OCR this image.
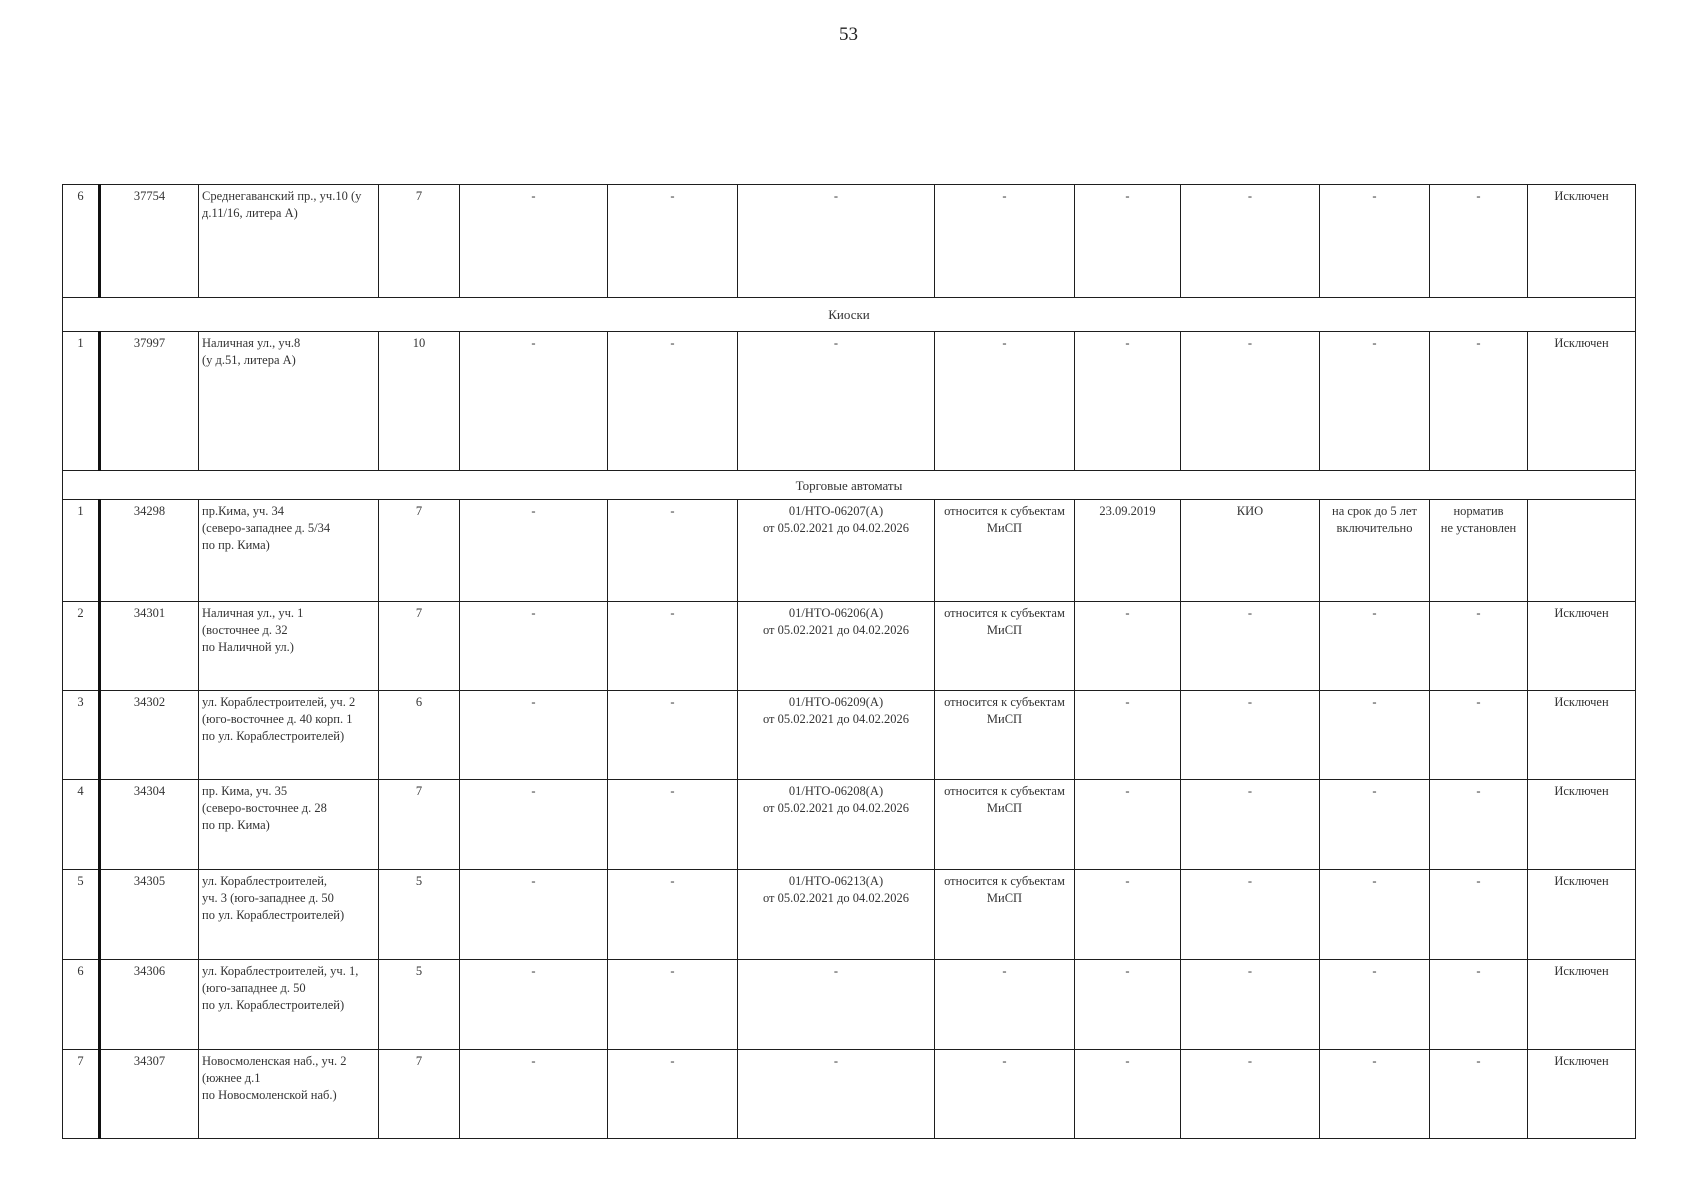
53
6	37754	Среднегаванский пр., уч.10 (у д.11/16, литера А)	7	-	-	-	-	-	-	-	-	Исключен
Киоски												
1	37997	Наличная ул., уч.8
(у д.51, литера А)	10	-	-	-	-	-	-	-	-	Исключен
Торговые автоматы												
1	34298	пр.Кима, уч. 34
(северо-западнее д. 5/34
по пр. Кима)	7	-	-	01/НТО-06207(А)
от 05.02.2021 до 04.02.2026	относится к субъектам
МиСП	23.09.2019	КИО	на срок до 5 лет
включительно	норматив
не установлен	
2	34301	Наличная ул., уч. 1
(восточнее д. 32
по Наличной ул.)	7	-	-	01/НТО-06206(А)
от 05.02.2021 до 04.02.2026	относится к субъектам
МиСП	-	-	-	-	Исключен
3	34302	ул. Кораблестроителей, уч. 2
(юго-восточнее д. 40 корп. 1
по ул. Кораблестроителей)	6	-	-	01/НТО-06209(А)
от 05.02.2021 до 04.02.2026	относится к субъектам
МиСП	-	-	-	-	Исключен
4	34304	пр. Кима, уч. 35
(северо-восточнее д. 28
по пр. Кима)	7	-	-	01/НТО-06208(А)
от 05.02.2021 до 04.02.2026	относится к субъектам
МиСП	-	-	-	-	Исключен
5	34305	ул. Кораблестроителей,
уч. 3 (юго-западнее д. 50
по ул. Кораблестроителей)	5	-	-	01/НТО-06213(А)
от 05.02.2021 до 04.02.2026	относится к субъектам
МиСП	-	-	-	-	Исключен
6	34306	ул. Кораблестроителей, уч. 1,
(юго-западнее д. 50
по ул. Кораблестроителей)	5	-	-	-	-	-	-	-	-	Исключен
7	34307	Новосмоленская наб., уч. 2
(южнее д.1
по Новосмоленской наб.)	7	-	-	-	-	-	-	-	-	Исключен
